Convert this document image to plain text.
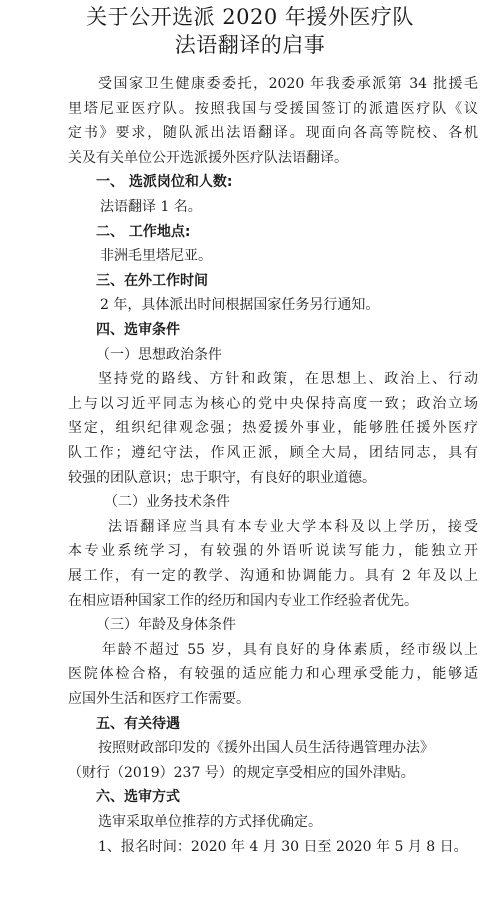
关于公开选派 2020 年援外医疗队
法语翻译的启事
受国家卫生健康委委托，2020 年我委承派第 34 批援毛
里塔尼亚医疗队。按照我国与受援国签订的派遣医疗队《议
定书》要求，随队派出法语翻译。现面向各高等院校、各机
关及有关单位公开选派援外医疗队法语翻译。
一、 选派岗位和人数:
法语翻译 1 名。
二、 工作地点:
非洲毛里塔尼亚。
三、在外工作时间
2 年，具体派出时间根据国家任务另行通知。
四、选审条件
（一）思想政治条件
坚持党的路线、方针和政策，在思想上、政治上、行动
上与以习近平同志为核心的党中央保持高度一致；政治立场
坚定，组织纪律观念强；热爱援外事业，能够胜任援外医疗
队工作；遵纪守法，作风正派，顾全大局，团结同志，具有
较强的团队意识；忠于职守，有良好的职业道德。
（二）业务技术条件
法语翻译应当具有本专业大学本科及以上学历，接受
本专业系统学习，有较强的外语听说读写能力，能独立开
展工作，有一定的教学、沟通和协调能力。具有 2 年及以上
在相应语种国家工作的经历和国内专业工作经验者优先。
（三）年龄及身体条件
年龄不超过 55 岁，具有良好的身体素质，经市级以上
医院体检合格，有较强的适应能力和心理承受能力，能够适
应国外生活和医疗工作需要。
五、有关待遇
按照财政部印发的《援外出国人员生活待遇管理办法》
（财行（2019）237 号）的规定享受相应的国外津贴。
六、选审方式
选审采取单位推荐的方式择优确定。
1、报名时间：2020 年 4 月 30 日至 2020 年 5 月 8 日。
